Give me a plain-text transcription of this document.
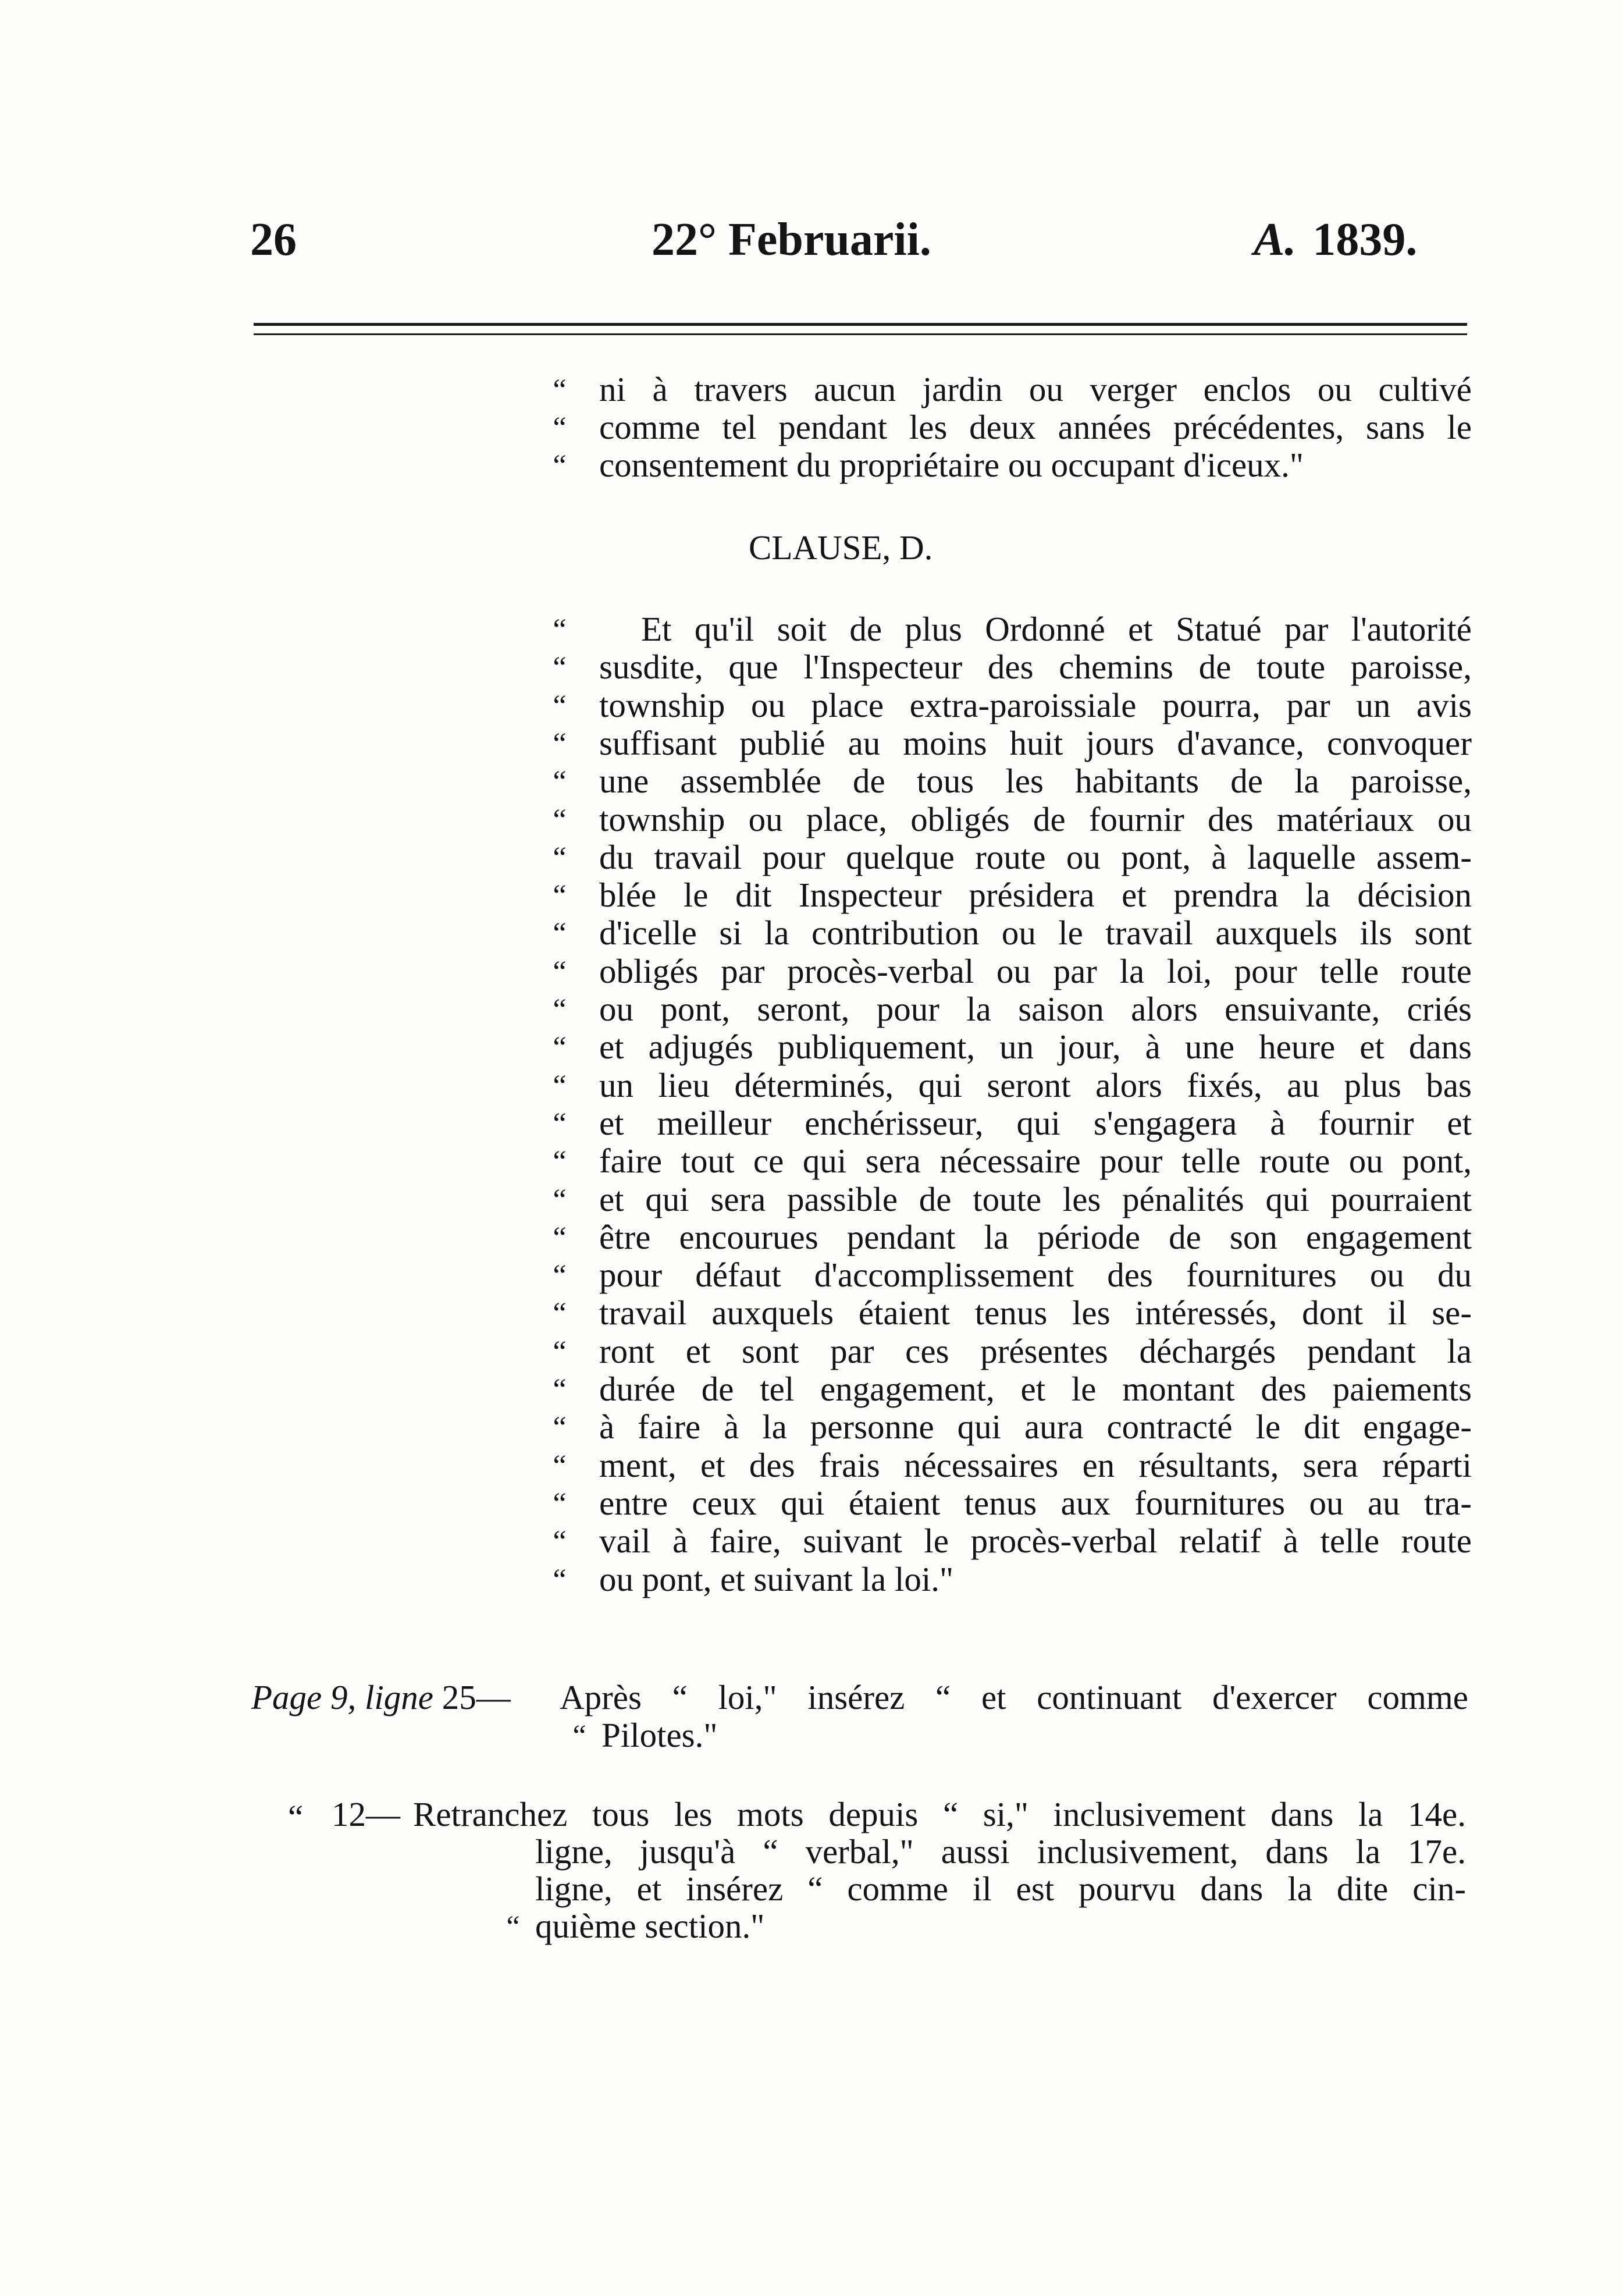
26	22° Februarii.	A. 1839.
“ ni à travers aucun jardin ou verger enclos ou cultivé
“ comme tel pendant les deux années précédentes, sans le
“ consentement du propriétaire ou occupant d'iceux."
CLAUSE, D.
“	Et qu'il soit de plus Ordonné et Statué par l'autorité
“ susdite, que l'Inspecteur des chemins de toute paroisse,
“ township ou place extra-paroissiale pourra, par un avis
“ suffisant publié au moins huit jours d'avance, convoquer
“ une assemblée de tous les habitants de la paroisse,
“ township ou place, obligés de fournir des matériaux ou
“ du travail pour quelque route ou pont, à laquelle assem-
“ blée le dit Inspecteur présidera et prendra la décision
“ d'icelle si la contribution ou le travail auxquels ils sont
“ obligés par procès-verbal ou par la loi, pour telle route
“ ou pont, seront, pour la saison alors ensuivante, criés
“ et adjugés publiquement, un jour, à une heure et dans
“ un lieu déterminés, qui seront alors fixés, au plus bas
“ et meilleur enchérisseur, qui s'engagera à fournir et
“ faire tout ce qui sera nécessaire pour telle route ou pont,
“ et qui sera passible de toute les pénalités qui pourraient
“ être encourues pendant la période de son engagement
“ pour défaut d'accomplissement des fournitures ou du
“ travail auxquels étaient tenus les intéressés, dont il se-
“ ront et sont par ces présentes déchargés pendant la
“ durée de tel engagement, et le montant des paiements
“ à faire à la personne qui aura contracté le dit engage-
“ ment, et des frais nécessaires en résultants, sera réparti
“ entre ceux qui étaient tenus aux fournitures ou au tra-
“ vail à faire, suivant le procès-verbal relatif à telle route
“ ou pont, et suivant la loi."
Page 9, ligne 25— Après “ loi," insérez “ et continuant d'exercer comme
“ Pilotes."
“ 12— Retranchez tous les mots depuis “ si," inclusivement dans la 14e.
ligne, jusqu'à “ verbal," aussi inclusivement, dans la 17e.
ligne, et insérez “ comme il est pourvu dans la dite cin-
“ quième section."
